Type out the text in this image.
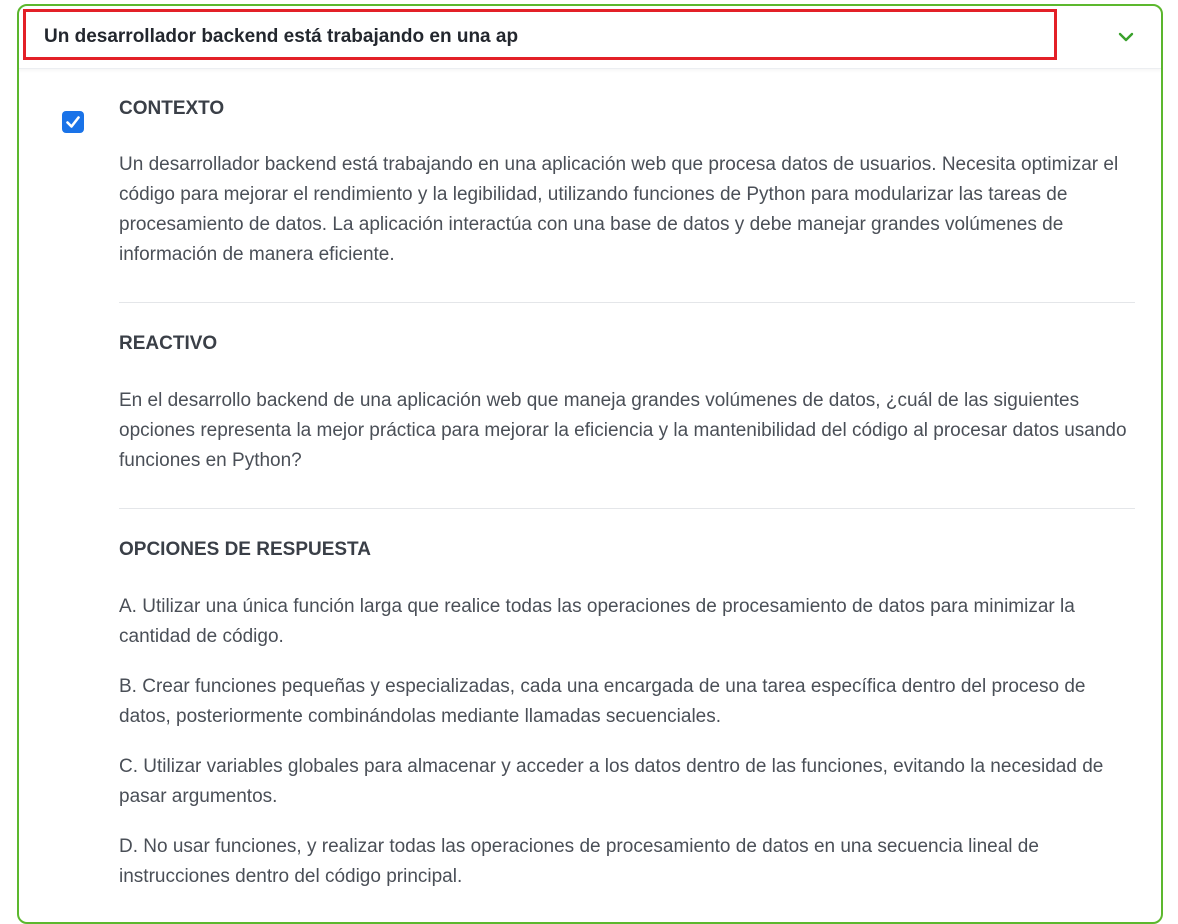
Un desarrollador backend está trabajando en una ap

CONTEXTO

Un desarrollador backend está trabajando en una aplicación web que procesa datos de usuarios. Necesita optimizar el código para mejorar el rendimiento y la legibilidad, utilizando funciones de Python para modularizar las tareas de procesamiento de datos. La aplicación interactúa con una base de datos y debe manejar grandes volúmenes de información de manera eficiente.

REACTIVO

En el desarrollo backend de una aplicación web que maneja grandes volúmenes de datos, ¿cuál de las siguientes opciones representa la mejor práctica para mejorar la eficiencia y la mantenibilidad del código al procesar datos usando funciones en Python?

OPCIONES DE RESPUESTA

A. Utilizar una única función larga que realice todas las operaciones de procesamiento de datos para minimizar la cantidad de código.

B. Crear funciones pequeñas y especializadas, cada una encargada de una tarea específica dentro del proceso de datos, posteriormente combinándolas mediante llamadas secuenciales.

C. Utilizar variables globales para almacenar y acceder a los datos dentro de las funciones, evitando la necesidad de pasar argumentos.

D. No usar funciones, y realizar todas las operaciones de procesamiento de datos en una secuencia lineal de instrucciones dentro del código principal.
